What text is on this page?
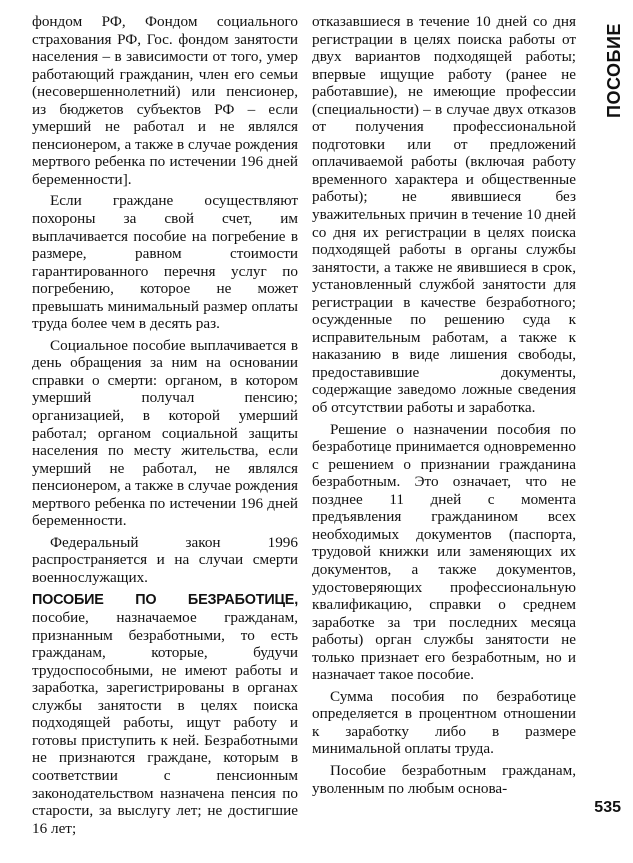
фондом РФ, Фондом социального страхования РФ, Гос. фондом занятости населения – в зависимости от того, умер работающий гражданин, член его семьи (несовершеннолетний) или пенсионер, из бюджетов субъектов РФ – если умерший не работал и не являлся пенсионером, а также в случае рождения мертвого ребенка по истечении 196 дней беременности].

Если граждане осуществляют похороны за свой счет, им выплачивается пособие на погребение в размере, равном стоимости гарантированного перечня услуг по погребению, которое не может превышать минимальный размер оплаты труда более чем в десять раз.

Социальное пособие выплачивается в день обращения за ним на основании справки о смерти: органом, в котором умерший получал пенсию; организацией, в которой умерший работал; органом социальной защиты населения по месту жительства, если умерший не работал, не являлся пенсионером, а также в случае рождения мертвого ребенка по истечении 196 дней беременности.

Федеральный закон 1996 распространяется и на случаи смерти военнослужащих.

ПОСОБИЕ ПО БЕЗРАБОТИЦЕ, пособие, назначаемое гражданам, признанным безработными, то есть гражданам, которые, будучи трудоспособными, не имеют работы и заработка, зарегистрированы в органах службы занятости в целях поиска подходящей работы, ищут работу и готовы приступить к ней. Безработными не признаются граждане, которым в соответствии с пенсионным законодательством назначена пенсия по старости, за выслугу лет; не достигшие 16 лет;

отказавшиеся в течение 10 дней со дня регистрации в целях поиска работы от двух вариантов подходящей работы; впервые ищущие работу (ранее не работавшие), не имеющие профессии (специальности) – в случае двух отказов от получения профессиональной подготовки или от предложений оплачиваемой работы (включая работу временного характера и общественные работы); не явившиеся без уважительных причин в течение 10 дней со дня их регистрации в целях поиска подходящей работы в органы службы занятости, а также не явившиеся в срок, установленный службой занятости для регистрации в качестве безработного; осужденные по решению суда к исправительным работам, а также к наказанию в виде лишения свободы, предоставившие документы, содержащие заведомо ложные сведения об отсутствии работы и заработка.

Решение о назначении пособия по безработице принимается одновременно с решением о признании гражданина безработным. Это означает, что не позднее 11 дней с момента предъявления гражданином всех необходимых документов (паспорта, трудовой книжки или заменяющих их документов, а также документов, удостоверяющих профессиональную квалификацию, справки о среднем заработке за три последних месяца работы) орган службы занятости не только признает его безработным, но и назначает такое пособие.

Сумма пособия по безработице определяется в процентном отношении к заработку либо в размере минимальной оплаты труда.

Пособие безработным гражданам, уволенным по любым основа-

ПОСОБИЕ
535
